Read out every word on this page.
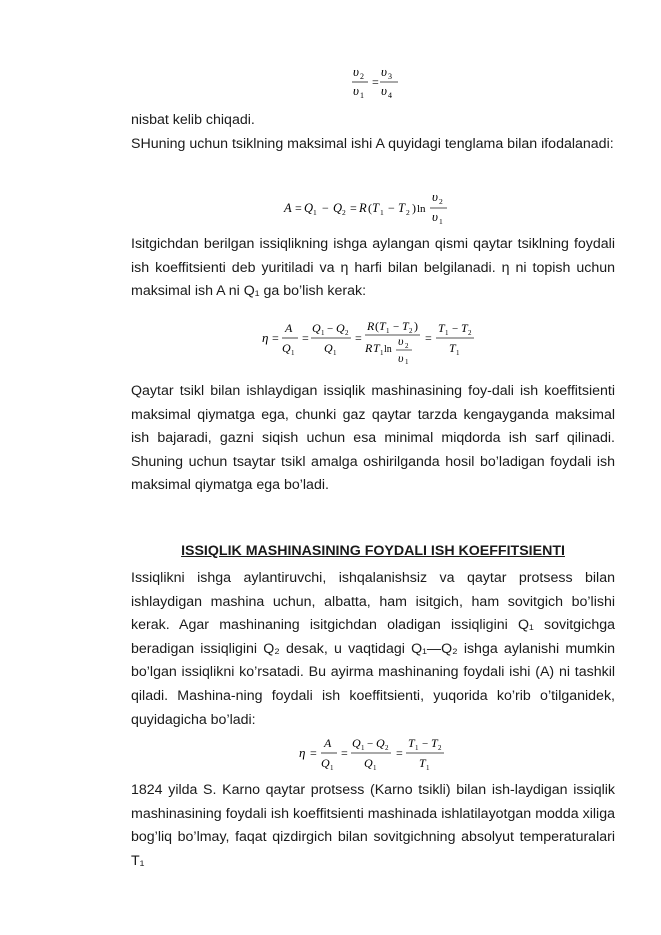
υ 2
υ 1
=
υ 3
υ 4

nisbat kelib chiqadi.

SHuning uchun tsiklning maksimal ishi A quyidagi tenglama bilan ifodalanadi:

A = Q 1 − Q 2 = R ( T 1 − T 2 ) ln
υ 2
υ 1

Isitgichdan berilgan issiqlikning ishga aylangan qismi qaytar tsiklning foydali ish koeffitsienti deb yuritiladi va η harfi bilan belgilanadi. η ni topish uchun maksimal ish A ni Q₁ ga bo’lish kerak:

η =
A
Q 1
=
Q 1 − Q 2
Q 1
=
R ( T 1 − T 2 )
R T 1 ln
υ 2
υ 1
=
T 1 − T 2
T 1

Qaytar tsikl bilan ishlaydigan issiqlik mashinasining foy-dali ish koeffitsienti maksimal qiymatga ega, chunki gaz qaytar tarzda kengayganda maksimal ish bajaradi, gazni siqish uchun esa minimal miqdorda ish sarf qilinadi. Shuning uchun tsaytar tsikl amalga oshirilganda hosil bo’ladigan foydali ish maksimal qiymatga ega bo’ladi.

ISSIQLIK MASHINASINING FOYDALI ISH KOEFFITSIENTI

Issiqlikni ishga aylantiruvchi, ishqalanishsiz va qaytar protsess bilan ishlaydigan mashina uchun, albatta, ham isitgich, ham sovitgich bo’lishi kerak. Agar mashinaning isitgichdan oladigan issiqligini Q₁ sovitgichga beradigan issiqligini Q₂ desak, u vaqtidagi Q₁—Q₂ ishga aylanishi mumkin bo’lgan issiqlikni ko’rsatadi. Bu ayirma mashinaning foydali ishi (A) ni tashkil qiladi. Mashina-ning foydali ish koeffitsienti, yuqorida ko’rib o’tilganidek, quyidagicha bo’ladi:

η =
A
Q 1
=
Q 1 − Q 2
Q 1
=
T 1 − T 2
T 1

1824 yilda S. Karno qaytar protsess (Karno tsikli) bilan ish-laydigan issiqlik mashinasining foydali ish koeffitsienti mashinada ishlatilayotgan modda xiliga bog’liq bo’lmay, faqat qizdirgich bilan sovitgichning absolyut temperaturalari T₁
